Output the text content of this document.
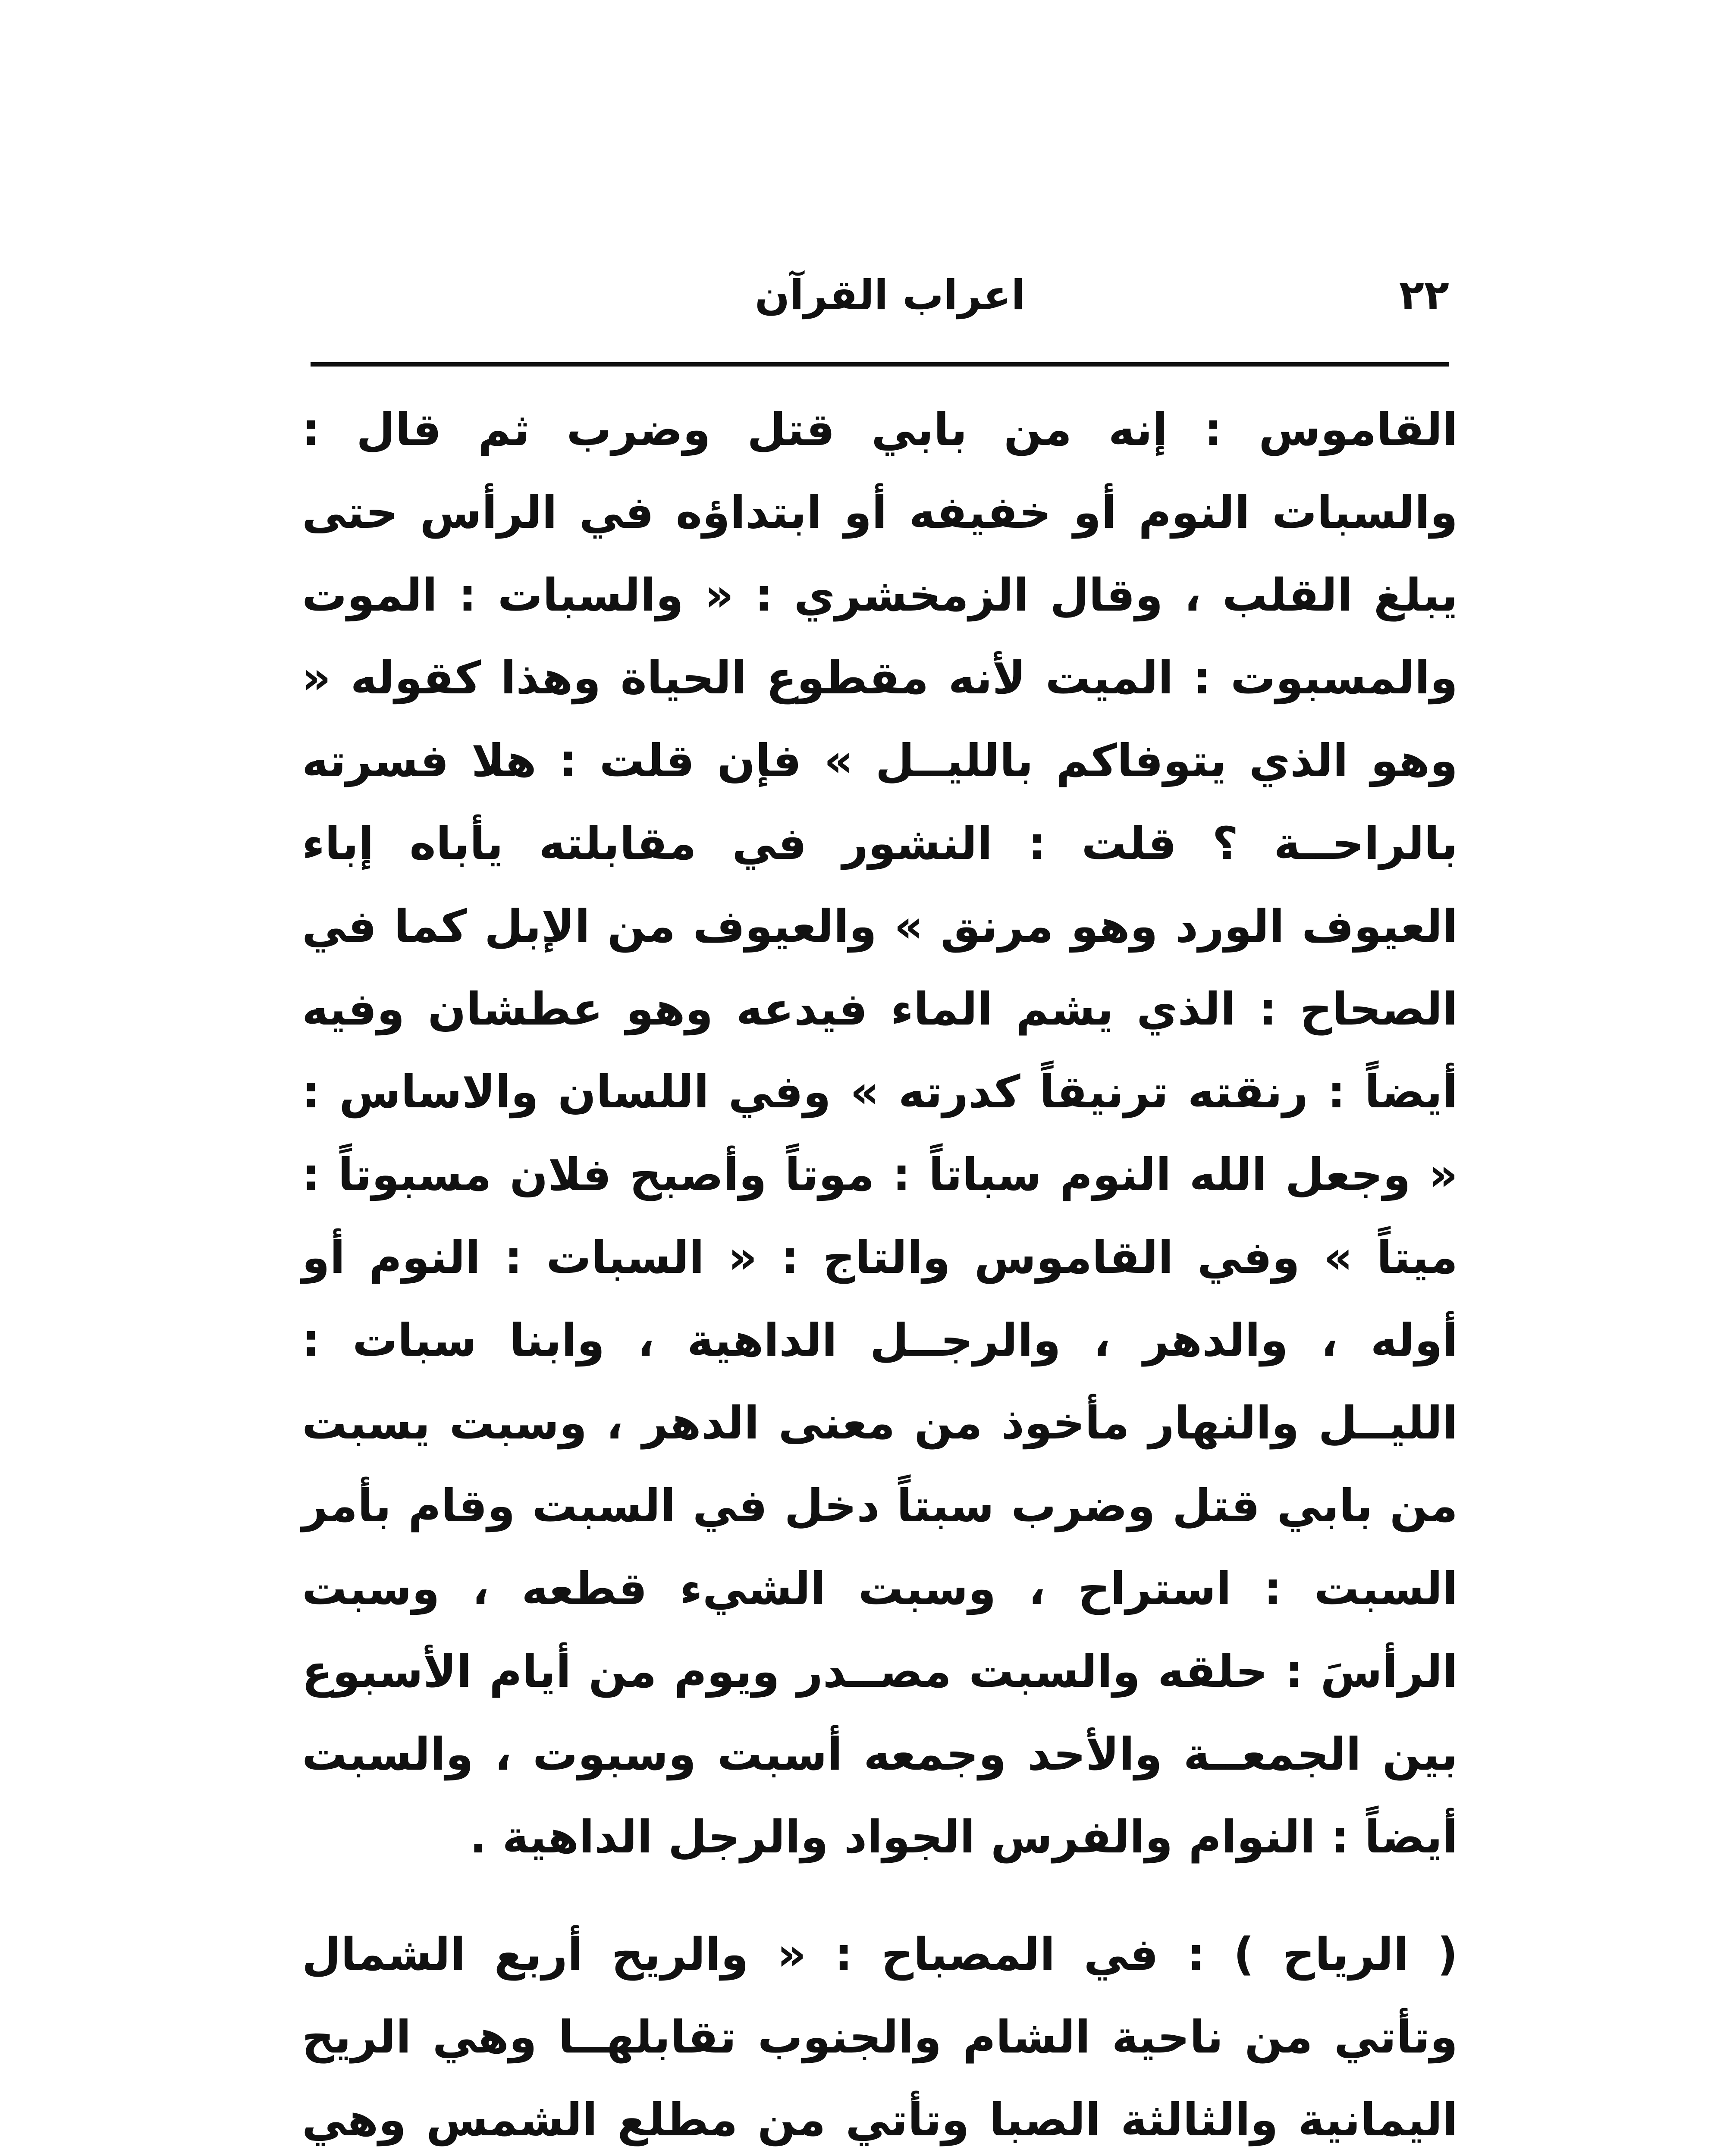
٢٢
اعراب القرآن

القاموس : إنه من بابي قتل وضرب ثم قال : والسبات النوم أو خفيفه أو ابتداؤه في الرأس حتى يبلغ القلب ، وقال الزمخشري : « والسبات : الموت والمسبوت : الميت لأنه مقطوع الحياة وهذا كقوله « وهو الذي يتوفاكم بالليــل » فإن قلت : هلا فسرته بالراحــة ؟ قلت : النشور في مقابلته يأباه إباء العيوف الورد وهو مرنق » والعيوف من الإبل كما في الصحاح : الذي يشم الماء فيدعه وهو عطشان وفيه أيضاً : رنقته ترنيقاً كدرته » وفي اللسان والاساس : « وجعل الله النوم سباتاً : موتاً وأصبح فلان مسبوتاً : ميتاً » وفي القاموس والتاج : « السبات : النوم أو أوله ، والدهر ، والرجــل الداهية ، وابنا سبات : الليــل والنهار مأخوذ من معنى الدهر ، وسبت يسبت من بابي قتل وضرب سبتاً دخل في السبت وقام بأمر السبت : استراح ، وسبت الشيء قطعه ، وسبت الرأسَ : حلقه والسبت مصــدر ويوم من أيام الأسبوع بين الجمعــة والأحد وجمعه أسبت وسبوت ، والسبت أيضاً : النوام والفرس الجواد والرجل الداهية .

( الرياح ) : في المصباح : « والريح أربع الشمال وتأتي من ناحية الشام والجنوب تقابلهــا وهي الريح اليمانية والثالثة الصبا وتأتي من مطلع الشمس وهي
